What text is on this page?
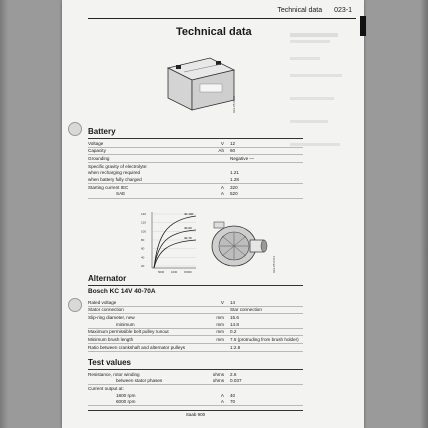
Technical data 023-1
Technical data
023-05 0843
Battery
Voltage	V	12
Capacity	Ah	60
Grounding		Negative —
Specific gravity of electrolyte:		
when recharging required		1.21
when battery fully charged		1.28
Starting current IEC	A	320

SAE	A	520
140
120
100
80
60
40
20
5000 1000 15000
40-100
40-60
40-70
023-05 0473
Alternator
Bosch KC 14V 40-70A
Rated voltage	V	14
Stator connection		Star connection
Slip-ring diameter, new	mm	15.6

minimum	mm	14.8
Maximum permissible belt pulley runout	mm	0.2
Minimum brush length	mm	7.5 (protruding from brush holder)
Ratio between crankshaft and alternator pulleys		1:2.8
Test values
Resistance, rotor winding	ohms	2.6

between stator phases	ohms	0.037
Current output at:		

1800 rpm	A	40

6000 rpm	A	70
Saab 900
